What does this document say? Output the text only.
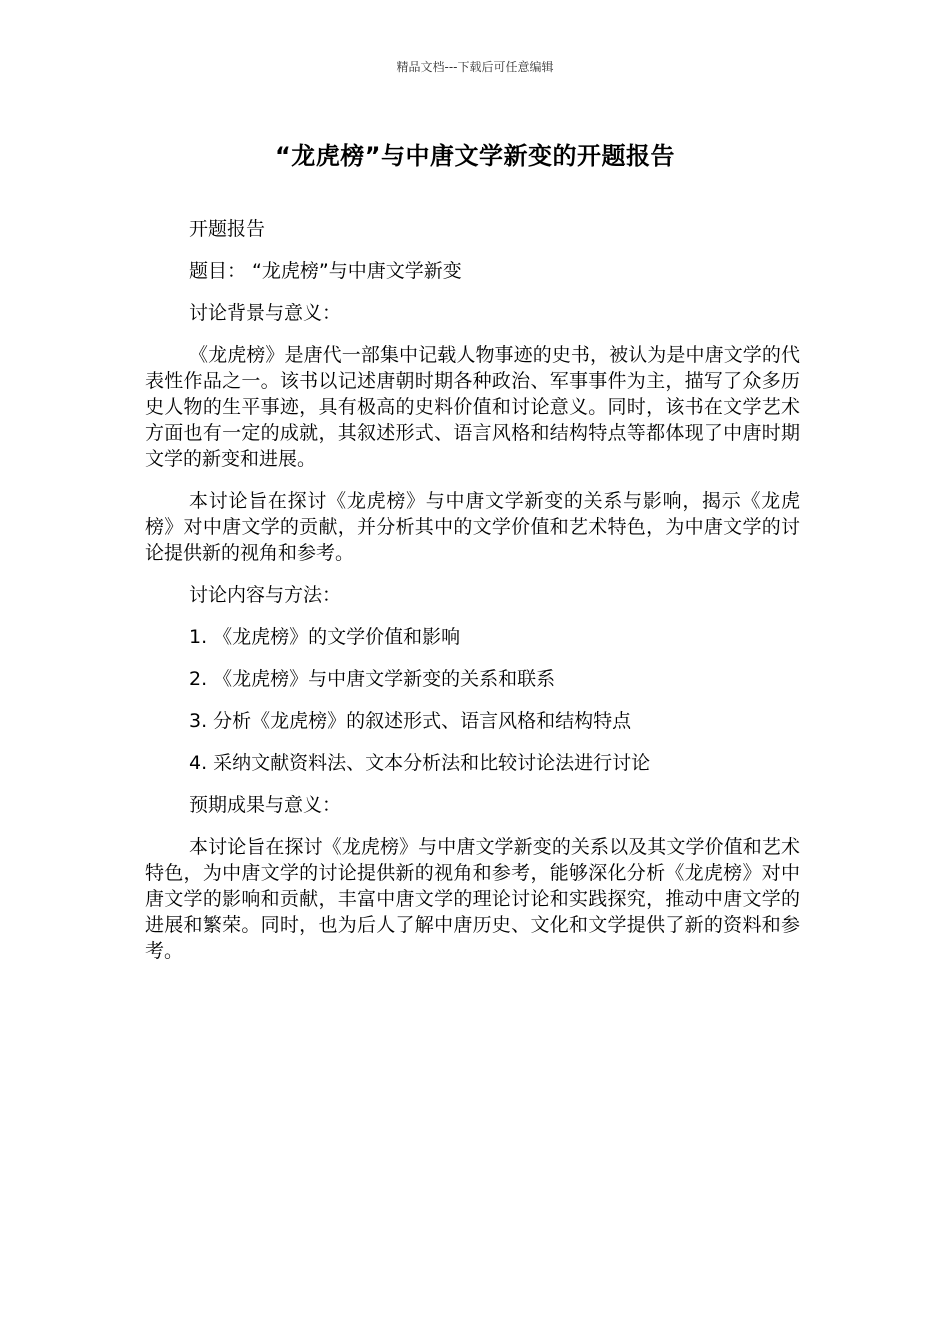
精品文档---下载后可任意编辑
“龙虎榜”与中唐文学新变的开题报告
开题报告
题目： “龙虎榜”与中唐文学新变
讨论背景与意义：
《龙虎榜》是唐代一部集中记载人物事迹的史书，被认为是中唐文学的代表性作品之一。该书以记述唐朝时期各种政治、军事事件为主，描写了众多历史人物的生平事迹，具有极高的史料价值和讨论意义。同时，该书在文学艺术方面也有一定的成就，其叙述形式、语言风格和结构特点等都体现了中唐时期文学的新变和进展。
本讨论旨在探讨《龙虎榜》与中唐文学新变的关系与影响，揭示《龙虎榜》对中唐文学的贡献，并分析其中的文学价值和艺术特色，为中唐文学的讨论提供新的视角和参考。
讨论内容与方法：
1. 《龙虎榜》的文学价值和影响
2. 《龙虎榜》与中唐文学新变的关系和联系
3. 分析《龙虎榜》的叙述形式、语言风格和结构特点
4. 采纳文献资料法、文本分析法和比较讨论法进行讨论
预期成果与意义：
本讨论旨在探讨《龙虎榜》与中唐文学新变的关系以及其文学价值和艺术特色，为中唐文学的讨论提供新的视角和参考，能够深化分析《龙虎榜》对中唐文学的影响和贡献，丰富中唐文学的理论讨论和实践探究，推动中唐文学的进展和繁荣。同时，也为后人了解中唐历史、文化和文学提供了新的资料和参考。
